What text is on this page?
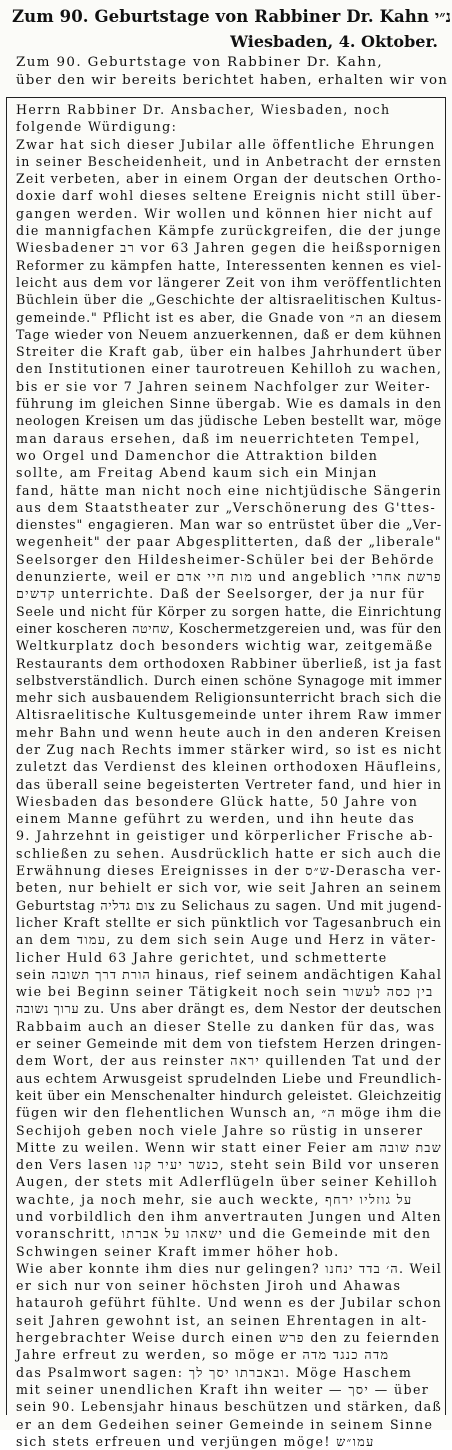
Zum 90. Geburtstage von Rabbiner Dr. Kahn נ״י
Wiesbaden, 4. Oktober.
Zum 90. Geburtstage von Rabbiner Dr. Kahn,
über den wir bereits berichtet haben, erhalten wir von
Herrn Rabbiner Dr. Ansbacher, Wiesbaden, noch
folgende Würdigung:
Zwar hat sich dieser Jubilar alle öffentliche Ehrungen
in seiner Bescheidenheit, und in Anbetracht der ernsten
Zeit verbeten, aber in einem Organ der deutschen Ortho-
doxie darf wohl dieses seltene Ereignis nicht still über-
gangen werden. Wir wollen und können hier nicht auf
die mannigfachen Kämpfe zurückgreifen, die der junge
Wiesbadener רב vor 63 Jahren gegen die heißspornigen
Reformer zu kämpfen hatte, Interessenten kennen es viel-
leicht aus dem vor längerer Zeit von ihm veröffentlichten
Büchlein über die „Geschichte der altisraelitischen Kultus-
gemeinde." Pflicht ist es aber, die Gnade von ה״ an diesem
Tage wieder von Neuem anzuerkennen, daß er dem kühnen
Streiter die Kraft gab, über ein halbes Jahrhundert über
den Institutionen einer taurotreuen Kehilloh zu wachen,
bis er sie vor 7 Jahren seinem Nachfolger zur Weiter-
führung im gleichen Sinne übergab. Wie es damals in den
neologen Kreisen um das jüdische Leben bestellt war, möge
man daraus ersehen, daß im neuerrichteten Tempel,
wo Orgel und Damenchor die Attraktion bilden
sollte, am Freitag Abend kaum sich ein Minjan
fand, hätte man nicht noch eine nichtjüdische Sängerin
aus dem Staatstheater zur „Verschönerung des G'ttes-
dienstes" engagieren. Man war so entrüstet über die „Ver-
wegenheit" der paar Abgesplitterten, daß der „liberale"
Seelsorger den Hildesheimer-Schüler bei der Behörde
denunzierte, weil er מות חיי אדם und angeblich פרשת אחרי
קדשים unterrichte. Daß der Seelsorger, der ja nur für
Seele und nicht für Körper zu sorgen hatte, die Einrichtung
einer koscheren שחיטה, Koschermetzgereien und, was für den
Weltkurplatz doch besonders wichtig war, zeitgemäße
Restaurants dem orthodoxen Rabbiner überließ, ist ja fast
selbstverständlich. Durch einen schöne Synagoge mit immer
mehr sich ausbauendem Religionsunterricht brach sich die
Altisraelitische Kultusgemeinde unter ihrem Raw immer
mehr Bahn und wenn heute auch in den anderen Kreisen
der Zug nach Rechts immer stärker wird, so ist es nicht
zuletzt das Verdienst des kleinen orthodoxen Häufleins,
das überall seine begeisterten Vertreter fand, und hier in
Wiesbaden das besondere Glück hatte, 50 Jahre von
einem Manne geführt zu werden, und ihn heute das
9. Jahrzehnt in geistiger und körperlicher Frische ab-
schließen zu sehen. Ausdrücklich hatte er sich auch die
Erwähnung dieses Ereignisses in der ש״ס-Derascha ver-
beten, nur behielt er sich vor, wie seit Jahren an seinem
Geburtstag צום גדליה zu Selichaus zu sagen. Und mit jugend-
licher Kraft stellte er sich pünktlich vor Tagesanbruch ein
an dem עמוד, zu dem sich sein Auge und Herz in väter-
licher Huld 63 Jahre gerichtet, und schmetterte
sein הורת דרך תשובה hinaus, rief seinem andächtigen Kahal
wie bei Beginn seiner Tätigkeit noch sein בין כסה לעשור
ערוך נשובה zu. Uns aber drängt es, dem Nestor der deutschen
Rabbaim auch an dieser Stelle zu danken für das, was
er seiner Gemeinde mit dem von tiefstem Herzen dringen-
dem Wort, der aus reinster יראה quillenden Tat und der
aus echtem Arwusgeist sprudelnden Liebe und Freundlich-
keit über ein Menschenalter hindurch geleistet. Gleichzeitig
fügen wir den flehentlichen Wunsch an, ה״ möge ihm die
Sechijoh geben noch viele Jahre so rüstig in unserer
Mitte zu weilen. Wenn wir statt einer Feier am שבת שובה
den Vers lasen כנשר יעיר קנו, steht sein Bild vor unseren
Augen, der stets mit Adlerflügeln über seiner Kehilloh
wachte, ja noch mehr, sie auch weckte, על גוזליו ירחף
und vorbildlich den ihm anvertrauten Jungen und Alten
voranschritt, ישאהו על אברתו und die Gemeinde mit den
Schwingen seiner Kraft immer höher hob.
Wie aber konnte ihm dies nur gelingen? ה׳ בדד ינחנו. Weil
er sich nur von seiner höchsten Jiroh und Ahawas
hatauroh geführt fühlte. Und wenn es der Jubilar schon
seit Jahren gewohnt ist, an seinen Ehrentagen in alt-
hergebrachter Weise durch einen פרש den zu feiernden
Jahre erfreut zu werden, so möge er מדה כנגד מדה
das Psalmwort sagen: ובאברתו יסך לך. Möge Haschem
mit seiner unendlichen Kraft ihn weiter — יסך — über
sein 90. Lebensjahr hinaus beschützen und stärken, daß
er an dem Gedeihen seiner Gemeinde in seinem Sinne
sich stets erfreuen und verjüngen möge! עמו״ש
